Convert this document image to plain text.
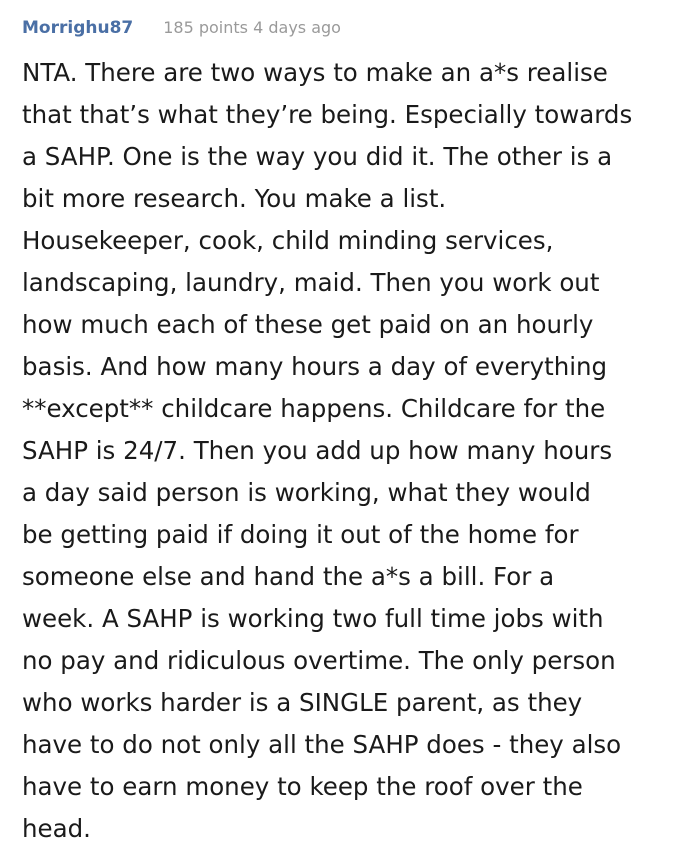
Morrighu87 185 points 4 days ago
NTA. There are two ways to make an a*s realise
that that’s what they’re being. Especially towards
a SAHP. One is the way you did it. The other is a
bit more research. You make a list.
Housekeeper, cook, child minding services,
landscaping, laundry, maid. Then you work out
how much each of these get paid on an hourly
basis. And how many hours a day of everything
**except** childcare happens. Childcare for the
SAHP is 24/7. Then you add up how many hours
a day said person is working, what they would
be getting paid if doing it out of the home for
someone else and hand the a*s a bill. For a
week. A SAHP is working two full time jobs with
no pay and ridiculous overtime. The only person
who works harder is a SINGLE parent, as they
have to do not only all the SAHP does - they also
have to earn money to keep the roof over the
head.
